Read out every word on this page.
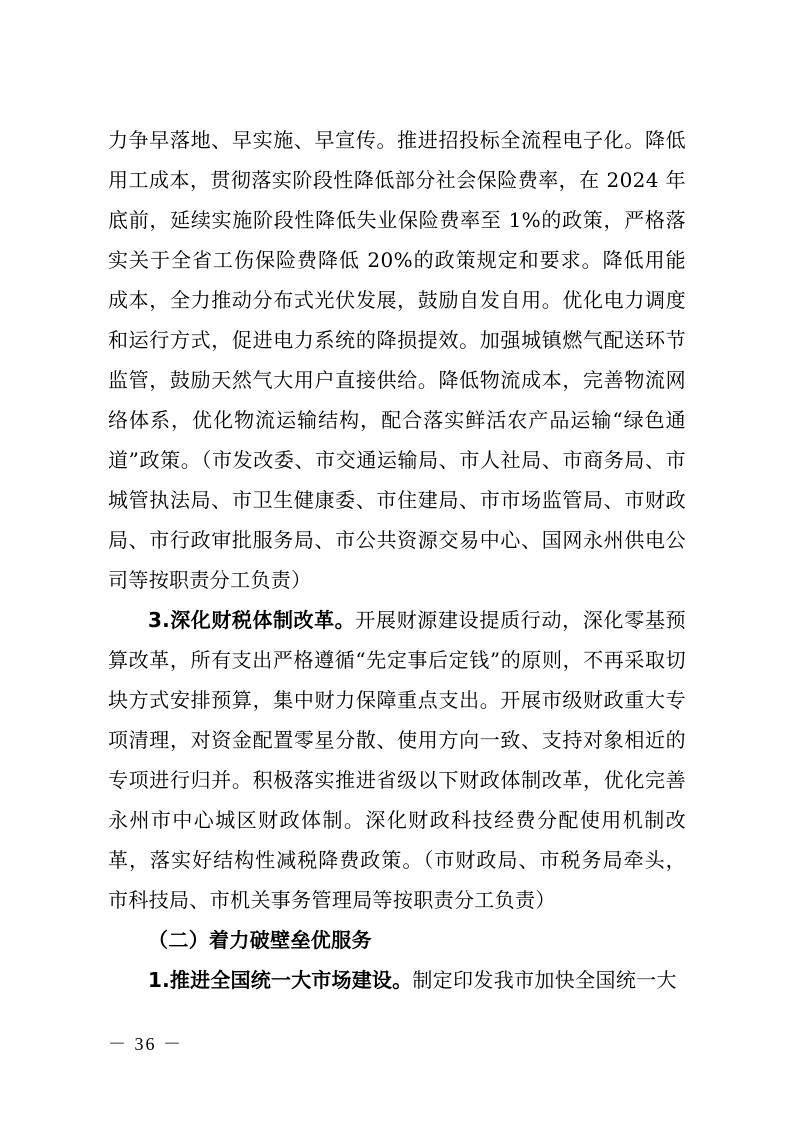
力争早落地、早实施、早宣传。推进招投标全流程电子化。降低用工成本，贯彻落实阶段性降低部分社会保险费率，在 2024 年底前，延续实施阶段性降低失业保险费率至 1%的政策，严格落实关于全省工伤保险费降低 20%的政策规定和要求。降低用能成本，全力推动分布式光伏发展，鼓励自发自用。优化电力调度和运行方式，促进电力系统的降损提效。加强城镇燃气配送环节监管，鼓励天然气大用户直接供给。降低物流成本，完善物流网络体系，优化物流运输结构，配合落实鲜活农产品运输“绿色通道”政策。（市发改委、市交通运输局、市人社局、市商务局、市城管执法局、市卫生健康委、市住建局、市市场监管局、市财政局、市行政审批服务局、市公共资源交易中心、国网永州供电公司等按职责分工负责）

3.深化财税体制改革。开展财源建设提质行动，深化零基预算改革，所有支出严格遵循“先定事后定钱”的原则，不再采取切块方式安排预算，集中财力保障重点支出。开展市级财政重大专项清理，对资金配置零星分散、使用方向一致、支持对象相近的专项进行归并。积极落实推进省级以下财政体制改革，优化完善永州市中心城区财政体制。深化财政科技经费分配使用机制改革，落实好结构性减税降费政策。（市财政局、市税务局牵头，市科技局、市机关事务管理局等按职责分工负责）

（二）着力破壁垒优服务

1.推进全国统一大市场建设。制定印发我市加快全国统一大

－ 36 －
